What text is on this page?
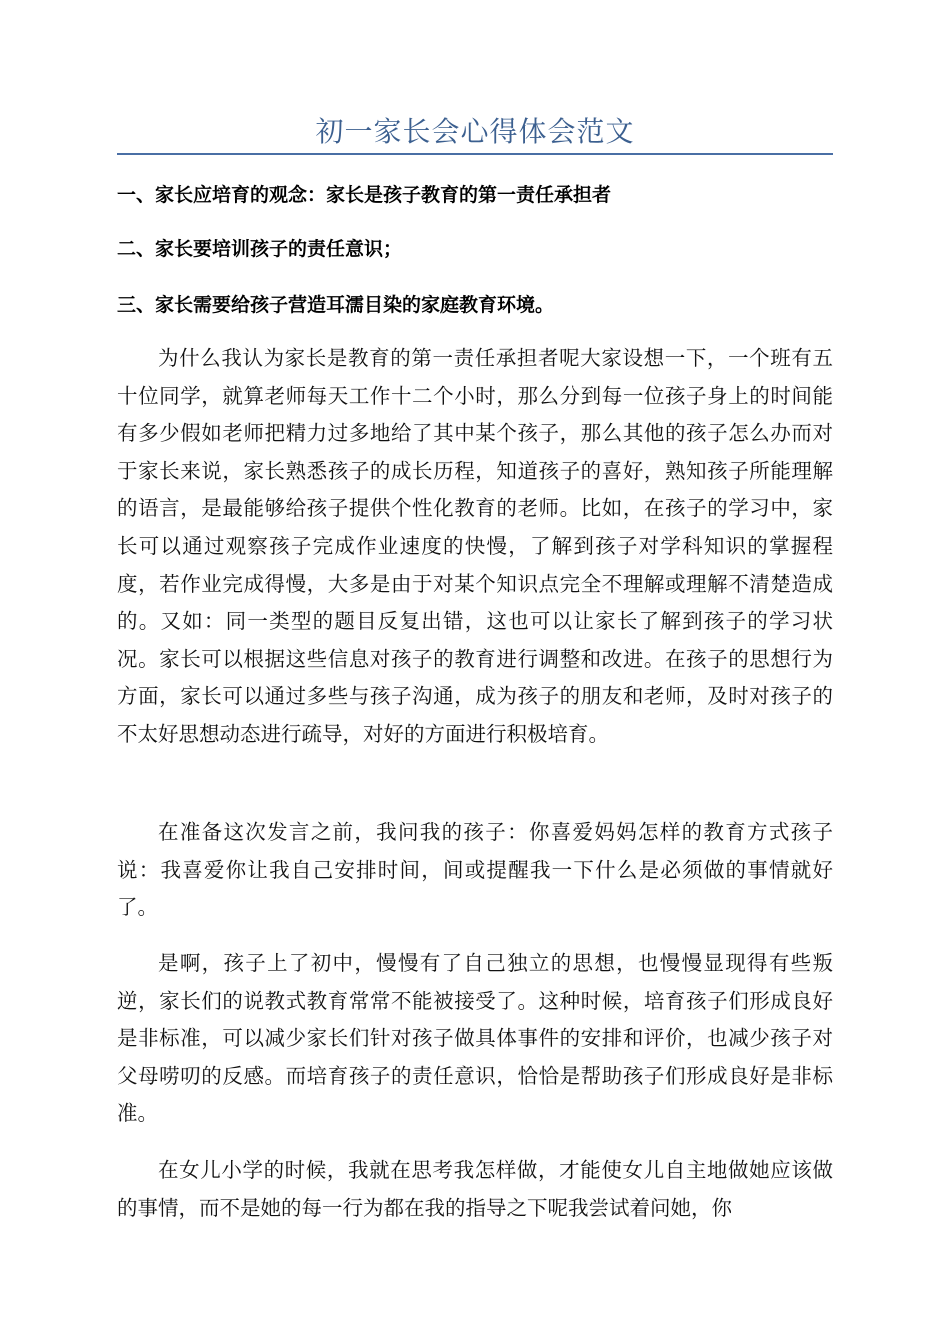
初一家长会心得体会范文
一、家长应培育的观念：家长是孩子教育的第一责任承担者
二、家长要培训孩子的责任意识；
三、家长需要给孩子营造耳濡目染的家庭教育环境。

为什么我认为家长是教育的第一责任承担者呢大家设想一下，一个班有五十位同学，就算老师每天工作十二个小时，那么分到每一位孩子身上的时间能有多少假如老师把精力过多地给了其中某个孩子，那么其他的孩子怎么办而对于家长来说，家长熟悉孩子的成长历程，知道孩子的喜好，熟知孩子所能理解的语言，是最能够给孩子提供个性化教育的老师。比如，在孩子的学习中，家长可以通过观察孩子完成作业速度的快慢，了解到孩子对学科知识的掌握程度，若作业完成得慢，大多是由于对某个知识点完全不理解或理解不清楚造成的。又如：同一类型的题目反复出错，这也可以让家长了解到孩子的学习状况。家长可以根据这些信息对孩子的教育进行调整和改进。在孩子的思想行为方面，家长可以通过多些与孩子沟通，成为孩子的朋友和老师，及时对孩子的不太好思想动态进行疏导，对好的方面进行积极培育。

在准备这次发言之前，我问我的孩子：你喜爱妈妈怎样的教育方式孩子说：我喜爱你让我自己安排时间，间或提醒我一下什么是必须做的事情就好了。

是啊，孩子上了初中，慢慢有了自己独立的思想，也慢慢显现得有些叛逆，家长们的说教式教育常常不能被接受了。这种时候，培育孩子们形成良好是非标准，可以减少家长们针对孩子做具体事件的安排和评价，也减少孩子对父母唠叨的反感。而培育孩子的责任意识，恰恰是帮助孩子们形成良好是非标准。

在女儿小学的时候，我就在思考我怎样做，才能使女儿自主地做她应该做的事情，而不是她的每一行为都在我的指导之下呢我尝试着问她，你
